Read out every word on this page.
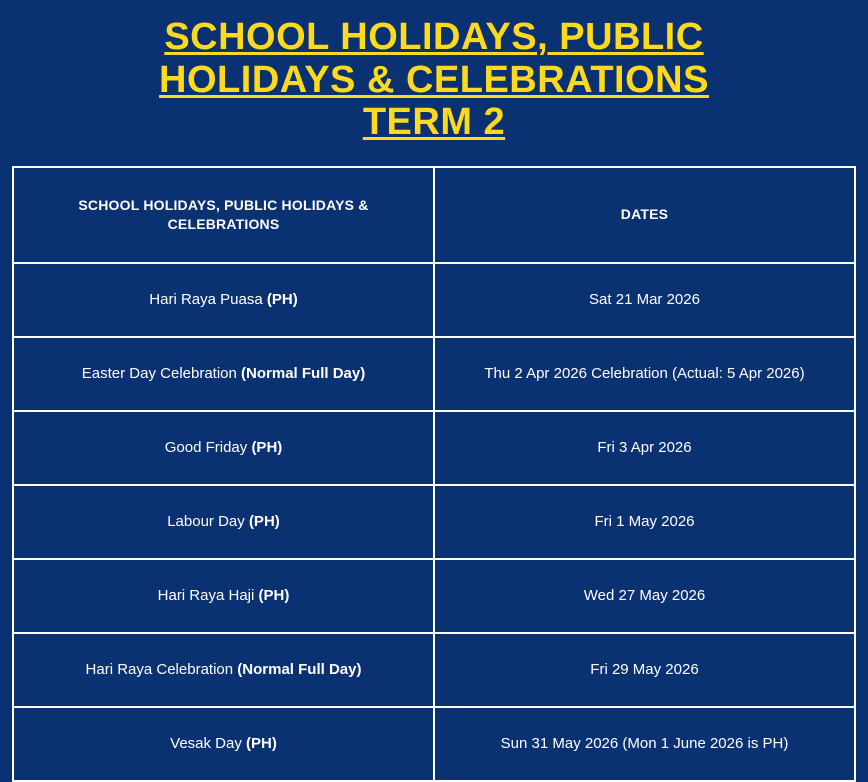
SCHOOL HOLIDAYS, PUBLIC
HOLIDAYS & CELEBRATIONS
TERM 2
SCHOOL HOLIDAYS, PUBLIC HOLIDAYS & CELEBRATIONS	DATES
Hari Raya Puasa (PH)	Sat 21 Mar 2026
Easter Day Celebration (Normal Full Day)	Thu 2 Apr 2026 Celebration (Actual: 5 Apr 2026)
Good Friday (PH)	Fri 3 Apr 2026
Labour Day (PH)	Fri 1 May 2026
Hari Raya Haji (PH)	Wed 27 May 2026
Hari Raya Celebration (Normal Full Day)	Fri 29 May 2026
Vesak Day (PH)	Sun 31 May 2026 (Mon 1 June 2026 is PH)
